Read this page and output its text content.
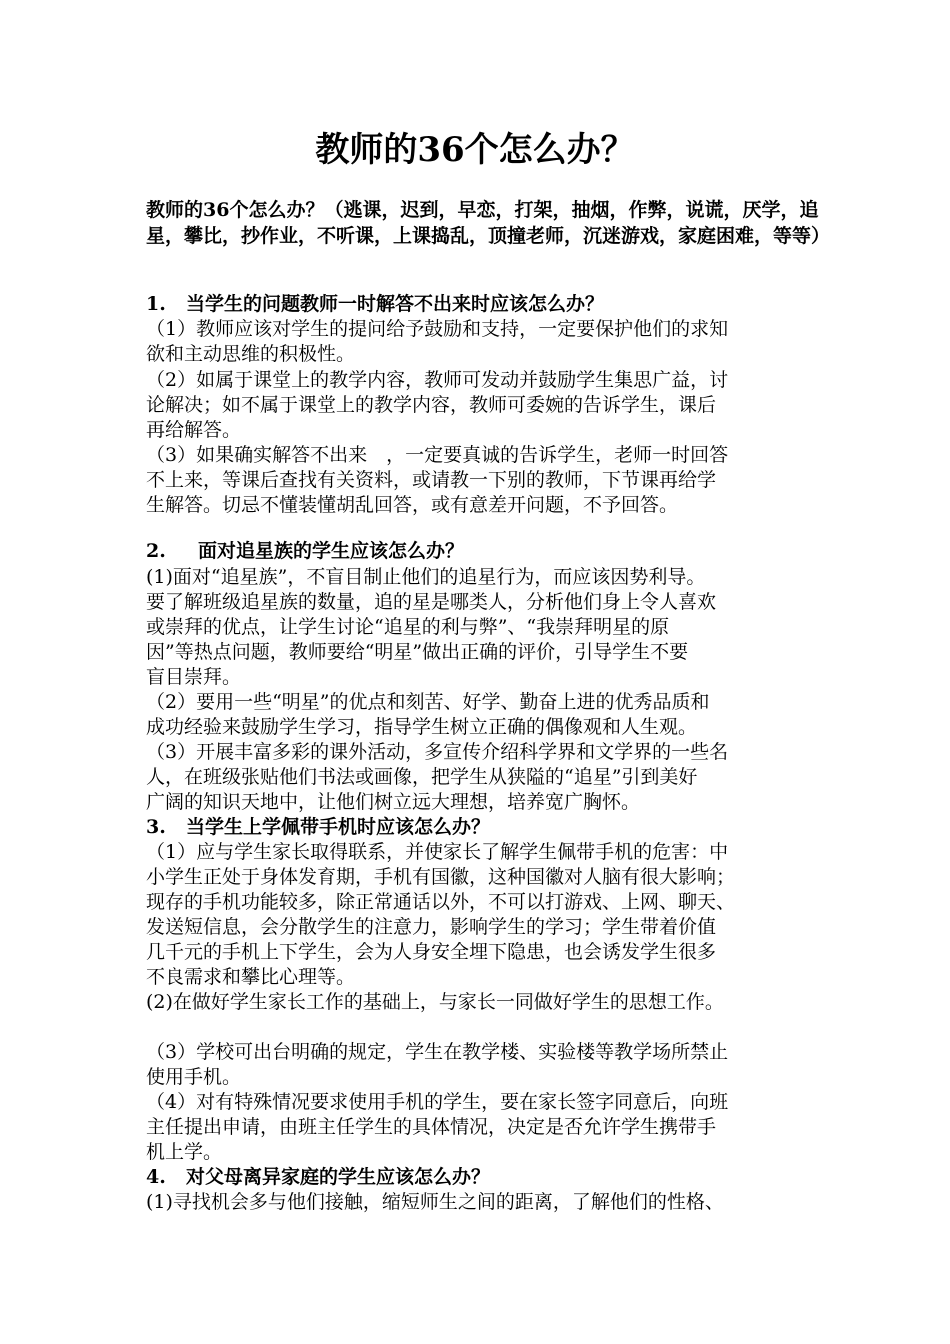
教师的36个怎么办？
教师的36个怎么办？（逃课，迟到，早恋，打架，抽烟，作弊，说谎，厌学，追星，攀比，抄作业，不听课，上课捣乱，顶撞老师，沉迷游戏，家庭困难，等等）
1. 当学生的问题教师一时解答不出来时应该怎么办？
（1）教师应该对学生的提问给予鼓励和支持，一定要保护他们的求知
欲和主动思维的积极性。
（2）如属于课堂上的教学内容，教师可发动并鼓励学生集思广益，讨
论解决；如不属于课堂上的教学内容，教师可委婉的告诉学生，课后
再给解答。
（3）如果确实解答不出来　，一定要真诚的告诉学生，老师一时回答
不上来，等课后查找有关资料，或请教一下别的教师，下节课再给学
生解答。切忌不懂装懂胡乱回答，或有意差开问题，不予回答。
2. 面对追星族的学生应该怎么办？
(1)面对“追星族”，不盲目制止他们的追星行为，而应该因势利导。
要了解班级追星族的数量，追的星是哪类人，分析他们身上令人喜欢
或崇拜的优点，让学生讨论“追星的利与弊”、“我崇拜明星的原
因”等热点问题，教师要给“明星”做出正确的评价，引导学生不要
盲目崇拜。
（2）要用一些“明星”的优点和刻苦、好学、勤奋上进的优秀品质和
成功经验来鼓励学生学习，指导学生树立正确的偶像观和人生观。
（3）开展丰富多彩的课外活动，多宣传介绍科学界和文学界的一些名
人，在班级张贴他们书法或画像，把学生从狭隘的“追星”引到美好
广阔的知识天地中，让他们树立远大理想，培养宽广胸怀。
3. 当学生上学佩带手机时应该怎么办？
（1）应与学生家长取得联系，并使家长了解学生佩带手机的危害：中
小学生正处于身体发育期，手机有国徽，这种国徽对人脑有很大影响；
现存的手机功能较多，除正常通话以外，不可以打游戏、上网、聊天、
发送短信息，会分散学生的注意力，影响学生的学习；学生带着价值
几千元的手机上下学生，会为人身安全埋下隐患，也会诱发学生很多
不良需求和攀比心理等。
(2)在做好学生家长工作的基础上，与家长一同做好学生的思想工作。
（3）学校可出台明确的规定，学生在教学楼、实验楼等教学场所禁止
使用手机。
（4）对有特殊情况要求使用手机的学生，要在家长签字同意后，向班
主任提出申请，由班主任学生的具体情况，决定是否允许学生携带手
机上学。
4. 对父母离异家庭的学生应该怎么办？
(1)寻找机会多与他们接触，缩短师生之间的距离，了解他们的性格、
